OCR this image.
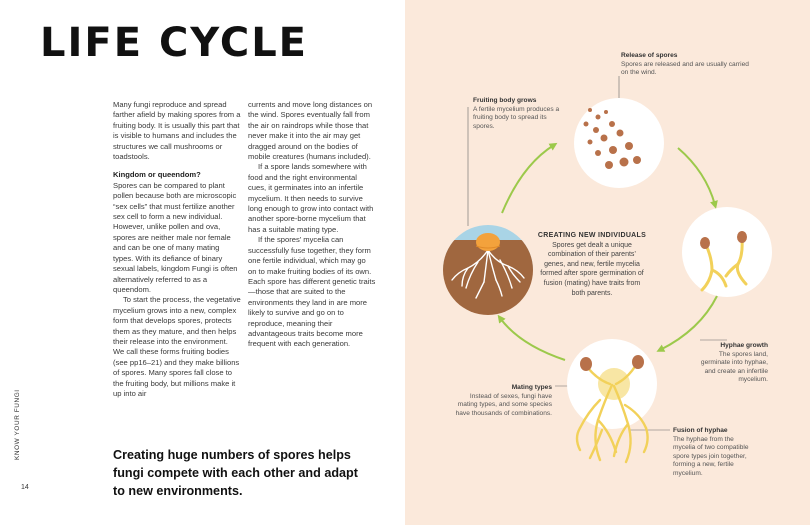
LIFE CYCLE

Many fungi reproduce and spread farther afield by making spores from a fruiting body. It is usually this part that is visible to humans and includes the structures we call mushrooms or toadstools.

Kingdom or queendom?

Spores can be compared to plant pollen because both are microscopic “sex cells” that must fertilize another sex cell to form a new individual. However, unlike pollen and ova, spores are neither male nor female and can be one of many mating types. With its defiance of binary sexual labels, kingdom Fungi is often alternatively referred to as a queendom.

To start the process, the vegetative mycelium grows into a new, complex form that develops spores, protects them as they mature, and then helps their release into the environment. We call these forms fruiting bodies (see pp16–21) and they make billions of spores. Many spores fall close to the fruiting body, but millions make it up into air

currents and move long distances on the wind. Spores eventually fall from the air on raindrops while those that never make it into the air may get dragged around on the bodies of mobile creatures (humans included).

If a spore lands somewhere with food and the right environmental cues, it germinates into an infertile mycelium. It then needs to survive long enough to grow into contact with another spore-borne mycelium that has a suitable mating type.

If the spores’ mycelia can successfully fuse together, they form one fertile individual, which may go on to make fruiting bodies of its own. Each spore has different genetic traits—those that are suited to the environments they land in are more likely to survive and go on to reproduce, meaning their advantageous traits become more frequent with each generation.

Creating huge numbers of spores helps fungi compete with each other and adapt to new environments.

KNOW YOUR FUNGI
14
Release of spores
Spores are released and are usually carried on the wind.
Fruiting body grows
A fertile mycelium produces a fruiting body to spread its spores.
CREATING NEW INDIVIDUALS
Spores get dealt a unique combination of their parents’ genes, and new, fertile mycelia formed after spore germination of fusion (mating) have traits from both parents.
Hyphae growth
The spores land, germinate into hyphae, and create an infertile mycelium.
Mating types
Instead of sexes, fungi have mating types, and some species have thousands of combinations.
Fusion of hyphae
The hyphae from the mycelia of two compatible spore types join together, forming a new, fertile mycelium.
